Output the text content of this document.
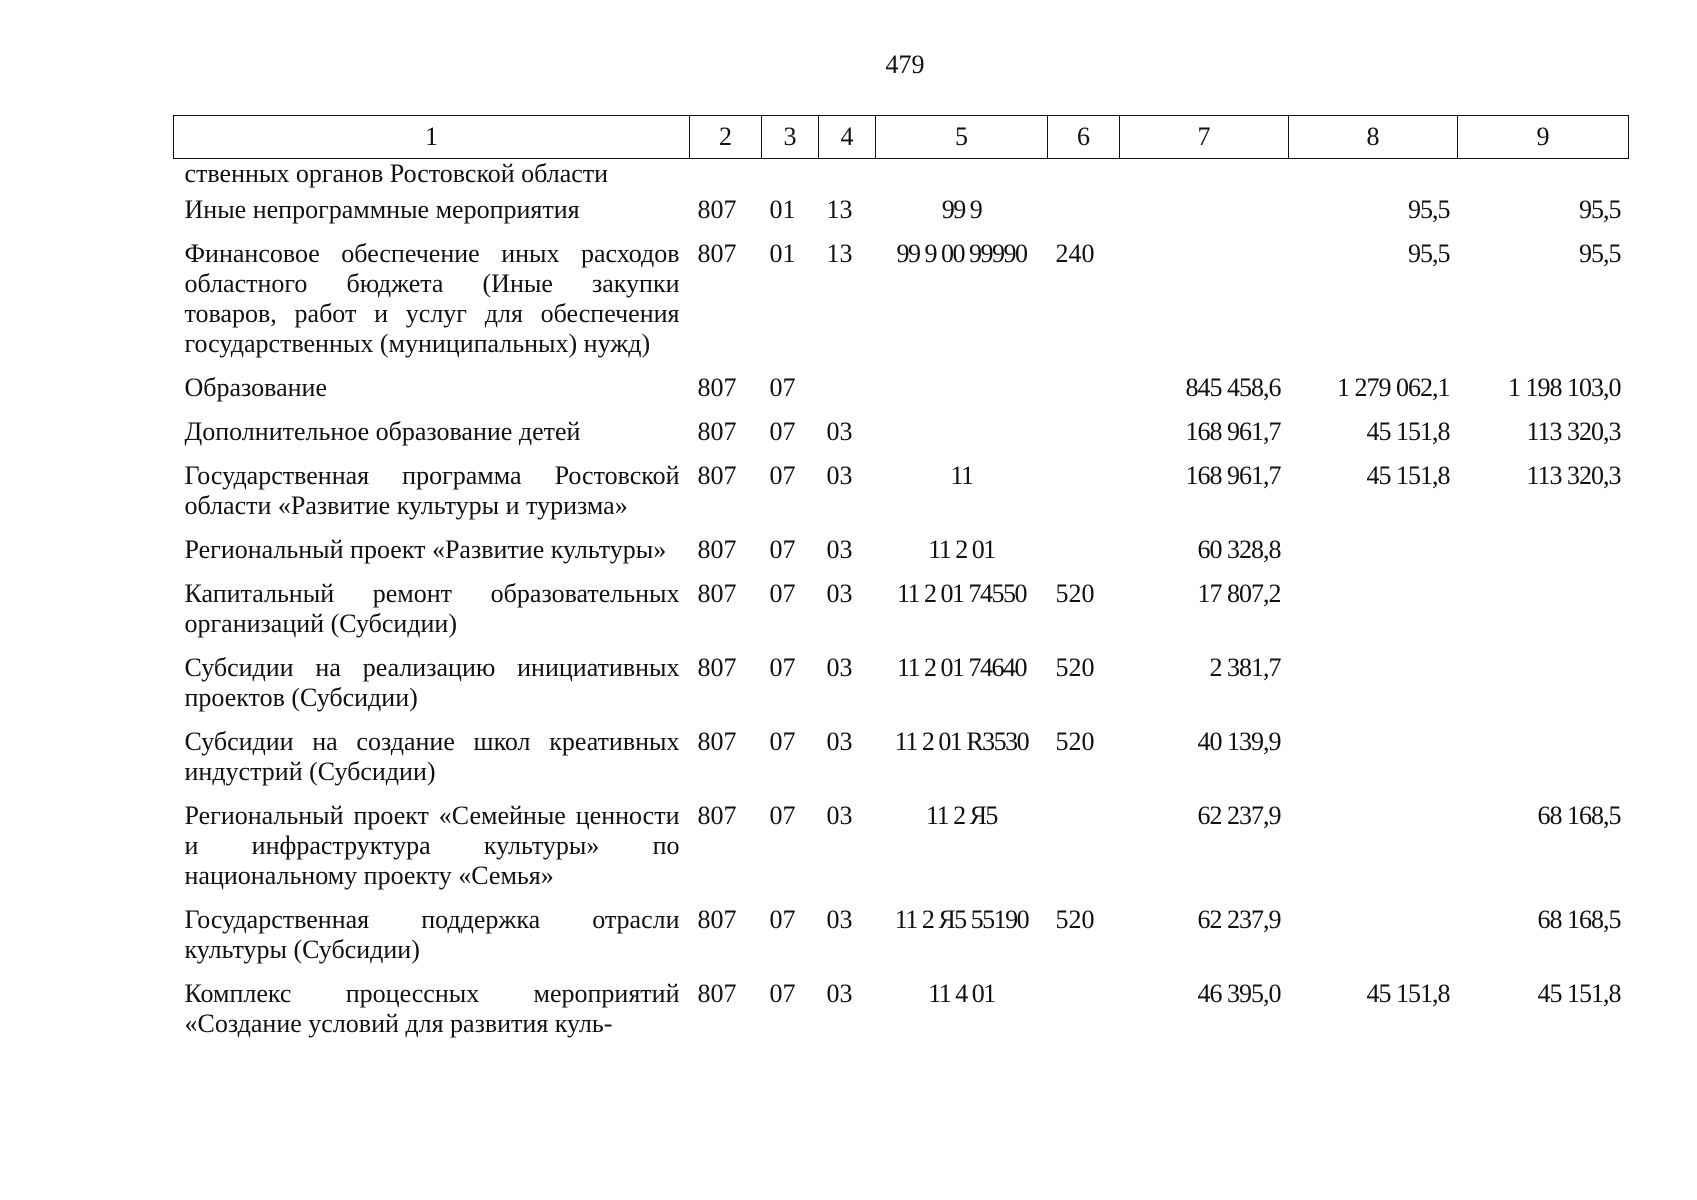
479
1	2	3	4	5	6	7	8	9
ственных органов Ростовской области								
Иные непрограммные мероприятия	807	01	13	99 9			95,5	95,5
Финансовое обеспечение иных расходов областного бюджета (Иные закупки товаров, работ и услуг для обеспечения государственных (муниципальных) нужд)	807	01	13	99 9 00 99990	240		95,5	95,5
Образование	807	07				845 458,6	1 279 062,1	1 198 103,0
Дополнительное образование детей	807	07	03			168 961,7	45 151,8	113 320,3
Государственная программа Ростовской области «Развитие культуры и туризма»	807	07	03	11		168 961,7	45 151,8	113 320,3
Региональный проект «Развитие культуры»	807	07	03	11 2 01		60 328,8		
Капитальный ремонт образовательных организаций (Субсидии)	807	07	03	11 2 01 74550	520	17 807,2		
Субсидии на реализацию инициативных проектов (Субсидии)	807	07	03	11 2 01 74640	520	2 381,7		
Субсидии на создание школ креативных индустрий (Субсидии)	807	07	03	11 2 01 R3530	520	40 139,9		
Региональный проект «Семейные ценности и инфраструктура культуры» по национальному проекту «Семья»	807	07	03	11 2 Я5		62 237,9		68 168,5
Государственная поддержка отрасли культуры (Субсидии)	807	07	03	11 2 Я5 55190	520	62 237,9		68 168,5
Комплекс процессных мероприятий «Создание условий для развития куль-	807	07	03	11 4 01		46 395,0	45 151,8	45 151,8
